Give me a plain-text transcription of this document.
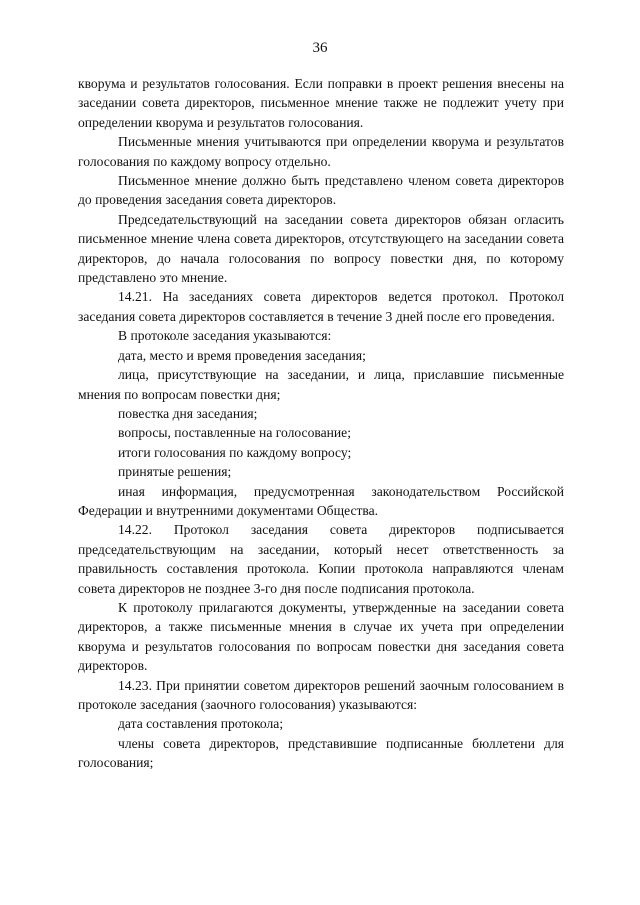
36

кворума и результатов голосования. Если поправки в проект решения внесены на заседании совета директоров, письменное мнение также не подлежит учету при определении кворума и результатов голосования.

Письменные мнения учитываются при определении кворума и результатов голосования по каждому вопросу отдельно.

Письменное мнение должно быть представлено членом совета директоров до проведения заседания совета директоров.

Председательствующий на заседании совета директоров обязан огласить письменное мнение члена совета директоров, отсутствующего на заседании совета директоров, до начала голосования по вопросу повестки дня, по которому представлено это мнение.

14.21. На заседаниях совета директоров ведется протокол. Протокол заседания совета директоров составляется в течение 3 дней после его проведения.

В протоколе заседания указываются:

дата, место и время проведения заседания;

лица, присутствующие на заседании, и лица, приславшие письменные мнения по вопросам повестки дня;

повестка дня заседания;

вопросы, поставленные на голосование;

итоги голосования по каждому вопросу;

принятые решения;

иная информация, предусмотренная законодательством Российской Федерации и внутренними документами Общества.

14.22. Протокол заседания совета директоров подписывается председательствующим на заседании, который несет ответственность за правильность составления протокола. Копии протокола направляются членам совета директоров не позднее 3-го дня после подписания протокола.

К протоколу прилагаются документы, утвержденные на заседании совета директоров, а также письменные мнения в случае их учета при определении кворума и результатов голосования по вопросам повестки дня заседания совета директоров.

14.23. При принятии советом директоров решений заочным голосованием в протоколе заседания (заочного голосования) указываются:

дата составления протокола;

члены совета директоров, представившие подписанные бюллетени для голосования;
